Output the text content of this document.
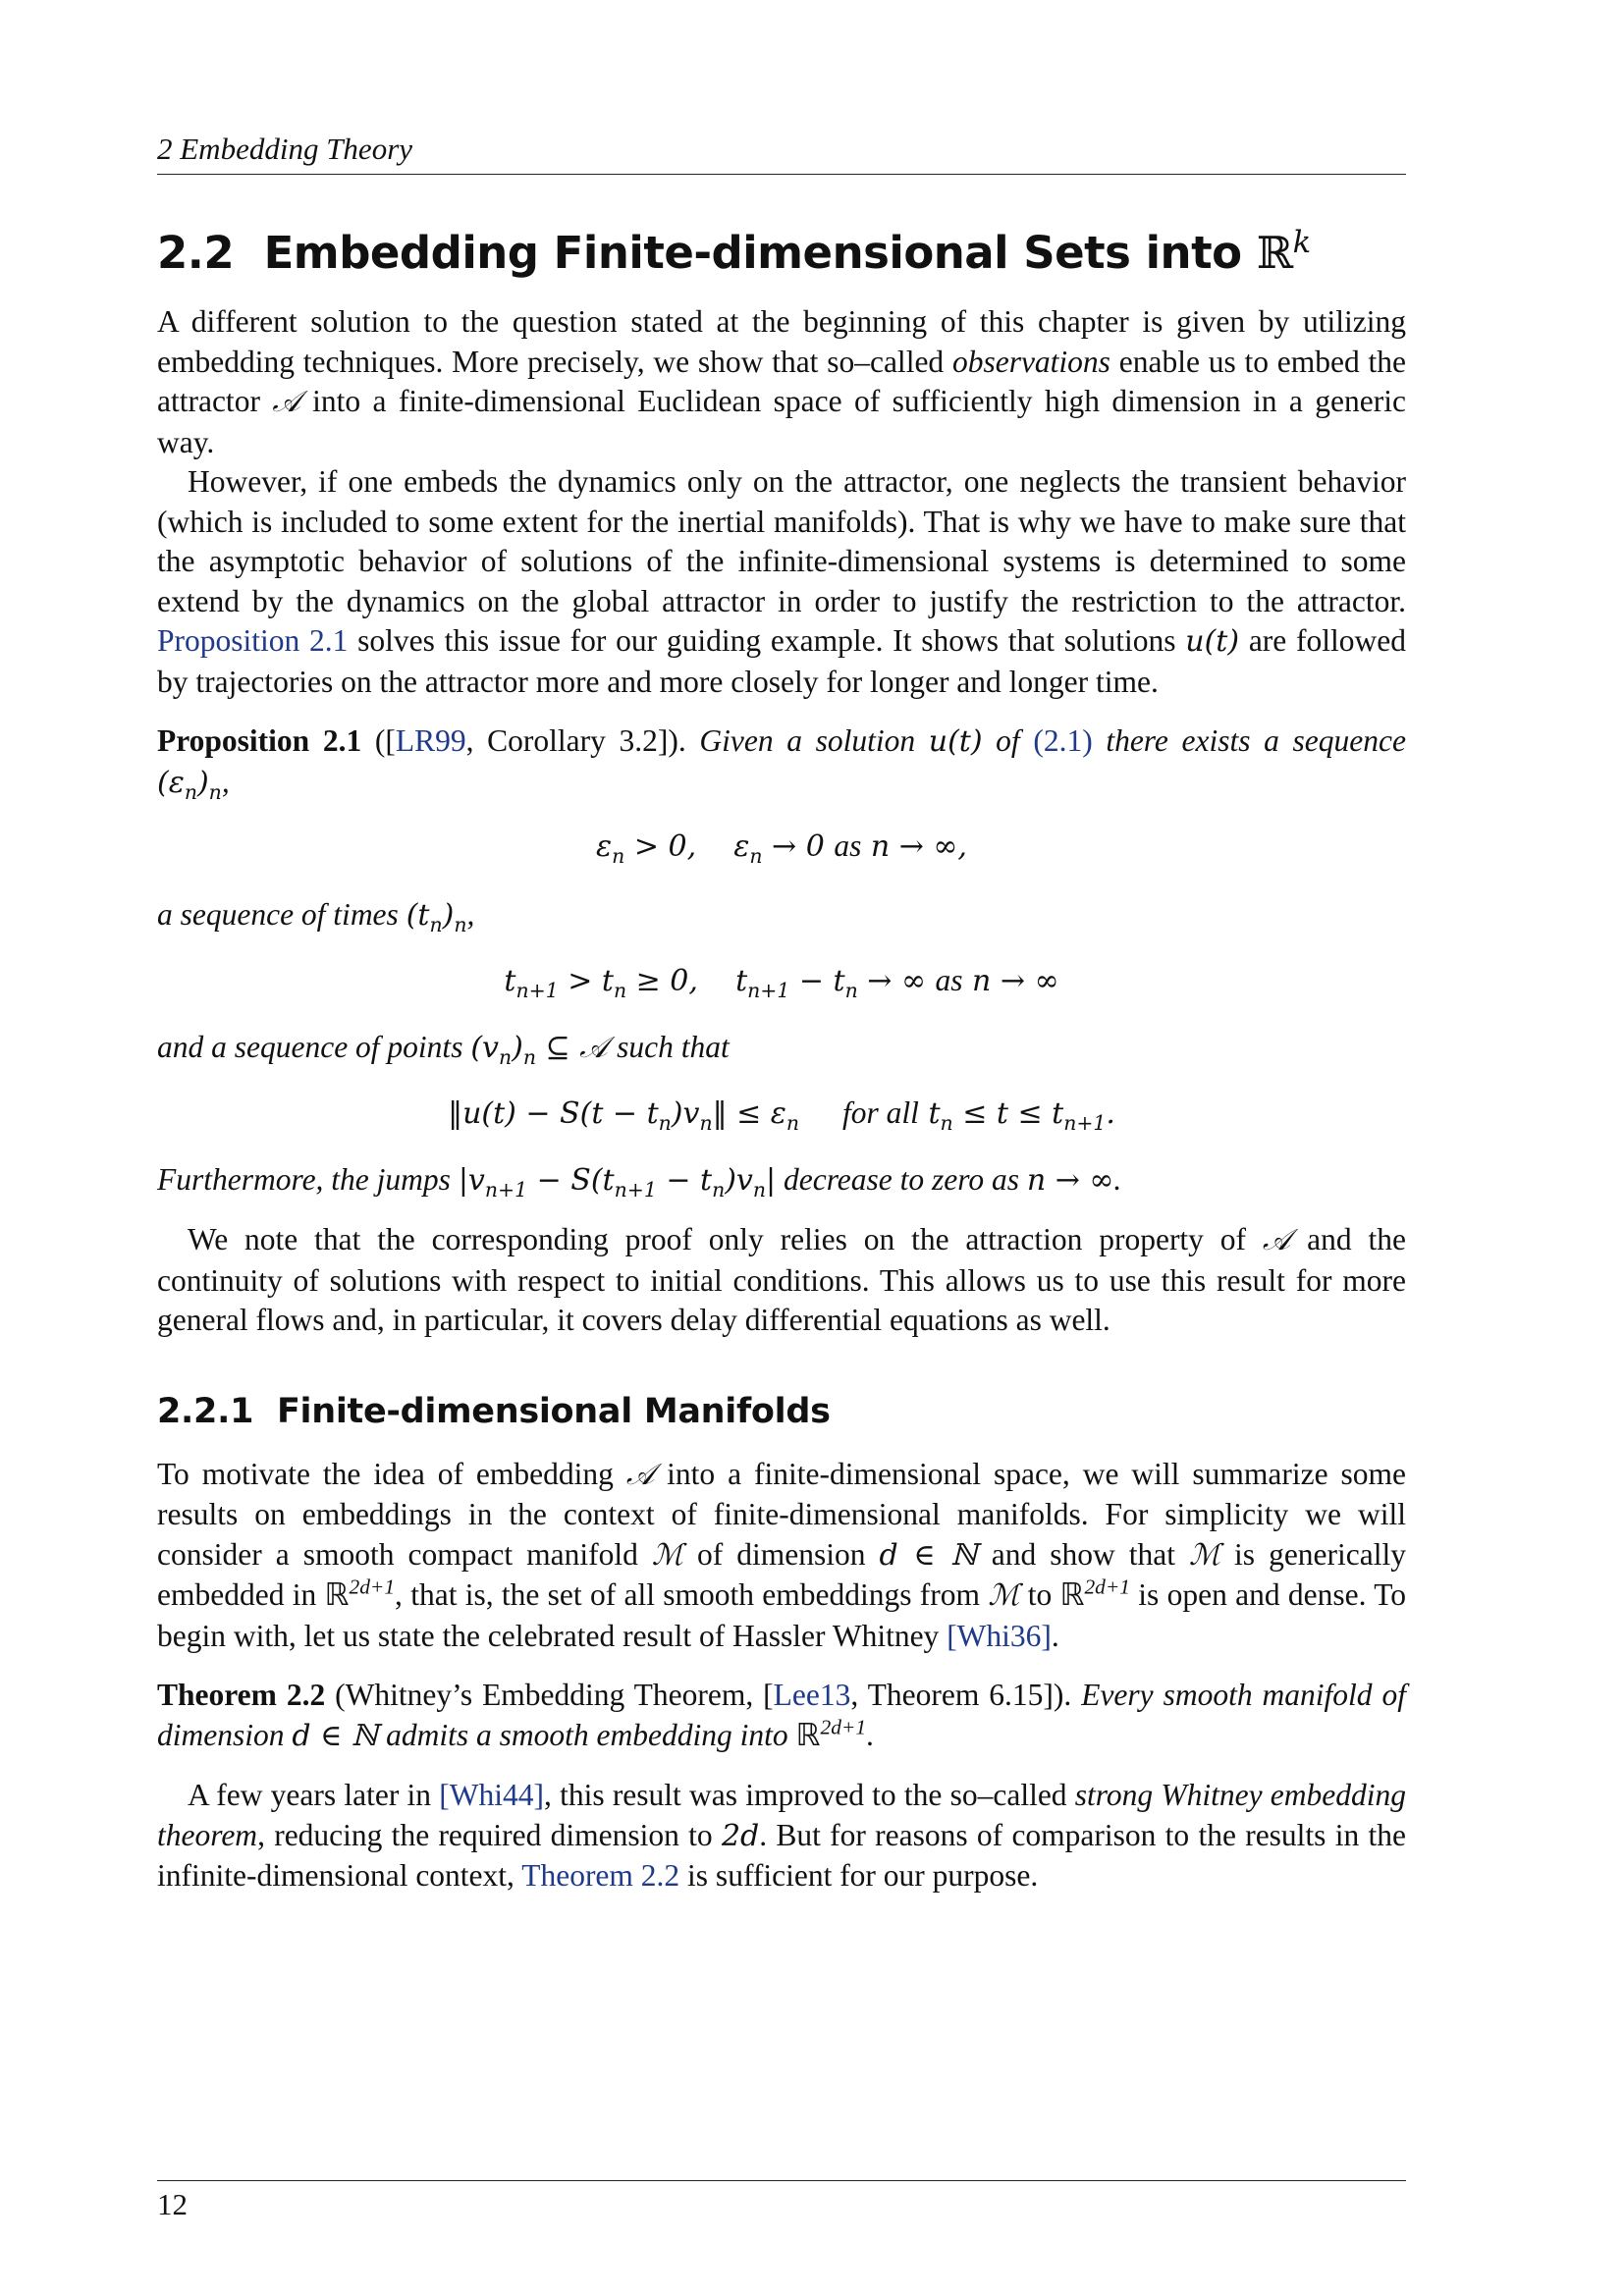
2 Embedding Theory
2.2 Embedding Finite-dimensional Sets into ℝ$^k$

A different solution to the question stated at the beginning of this chapter is given by utilizing embedding techniques. More precisely, we show that so–called observations enable us to embed the attractor 𝒜 into a finite-dimensional Euclidean space of sufficiently high dimension in a generic way.

However, if one embeds the dynamics only on the attractor, one neglects the transient behavior (which is included to some extent for the inertial manifolds). That is why we have to make sure that the asymptotic behavior of solutions of the infinite-dimensional systems is determined to some extend by the dynamics on the global attractor in order to justify the restriction to the attractor. Proposition 2.1 solves this issue for our guiding example. It shows that solutions u(t) are followed by trajectories on the attractor more and more closely for longer and longer time.

Proposition 2.1 ([LR99, Corollary 3.2]). Given a solution u(t) of (2.1) there exists a sequence $(\varepsilon_n)_n$,

$\varepsilon_n > 0$,    $\varepsilon_n \to 0$ as n → ∞,

a sequence of times $(t_n)_n$,

$t_{n+1} > t_n \ge 0$,    $t_{n+1} - t_n$ → ∞ as n → ∞

and a sequence of points $(v_n)_n$ ⊆ 𝒜 such that

‖u(t) − $S(t - t_n)v_n‖ \le \varepsilon_n$ for all $t_n \le t \le t_{n+1}$.

Furthermore, the jumps $|v_{n+1} - S(t_{n+1} - t_n)v_n|$ decrease to zero as n → ∞.

We note that the corresponding proof only relies on the attraction property of 𝒜 and the continuity of solutions with respect to initial conditions. This allows us to use this result for more general flows and, in particular, it covers delay differential equations as well.

2.2.1 Finite-dimensional Manifolds

To motivate the idea of embedding 𝒜 into a finite-dimensional space, we will summarize some results on embeddings in the context of finite-dimensional manifolds. For simplicity we will consider a smooth compact manifold ℳ of dimension d ∈ ℕ and show that ℳ is generically embedded in ℝ$^{2d+1}$, that is, the set of all smooth embeddings from ℳ to ℝ$^{2d+1}$ is open and dense. To begin with, let us state the celebrated result of Hassler Whitney [Whi36].

Theorem 2.2 (Whitney’s Embedding Theorem, [Lee13, Theorem 6.15]). Every smooth manifold of dimension d ∈ ℕ admits a smooth embedding into ℝ$^{2d+1}$.

A few years later in [Whi44], this result was improved to the so–called strong Whitney embedding theorem, reducing the required dimension to 2d. But for reasons of comparison to the results in the infinite-dimensional context, Theorem 2.2 is sufficient for our purpose.

12
